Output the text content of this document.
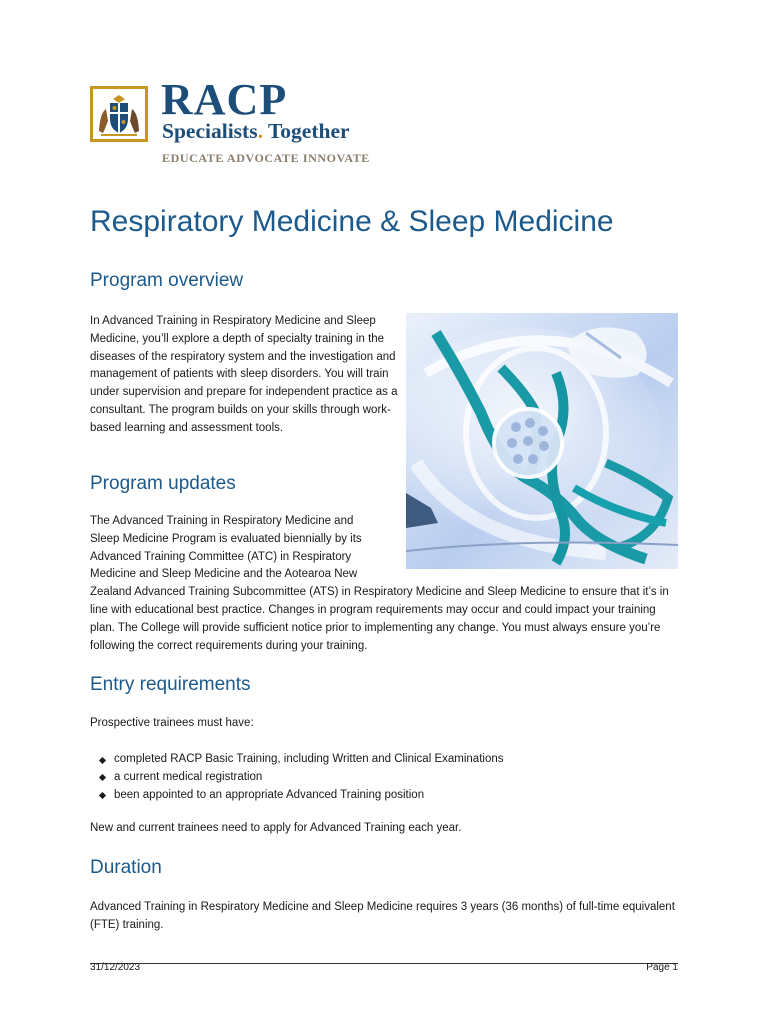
RACP
Specialists. Together
EDUCATE ADVOCATE INNOVATE
Respiratory Medicine & Sleep Medicine
Program overview

In Advanced Training in Respiratory Medicine and Sleep Medicine, you’ll explore a depth of specialty training in the diseases of the respiratory system and the investigation and management of patients with sleep disorders. You will train under supervision and prepare for independent practice as a consultant. The program builds on your skills through work-based learning and assessment tools.

Program updates

The Advanced Training in Respiratory Medicine and Sleep Medicine Program is evaluated biennially by its Advanced Training Committee (ATC) in Respiratory Medicine and Sleep Medicine and the Aotearoa New Zealand Advanced Training Subcommittee (ATS) in Respiratory Medicine and Sleep Medicine to ensure that it’s in line with educational best practice. Changes in program requirements may occur and could impact your training plan. The College will provide sufficient notice prior to implementing any change. You must always ensure you’re following the correct requirements during your training.

Entry requirements

Prospective trainees must have:

completed RACP Basic Training, including Written and Clinical Examinations
a current medical registration
been appointed to an appropriate Advanced Training position

New and current trainees need to apply for Advanced Training each year.

Duration

Advanced Training in Respiratory Medicine and Sleep Medicine requires 3 years (36 months) of full-time equivalent (FTE) training.

31/12/2023	Page 1
